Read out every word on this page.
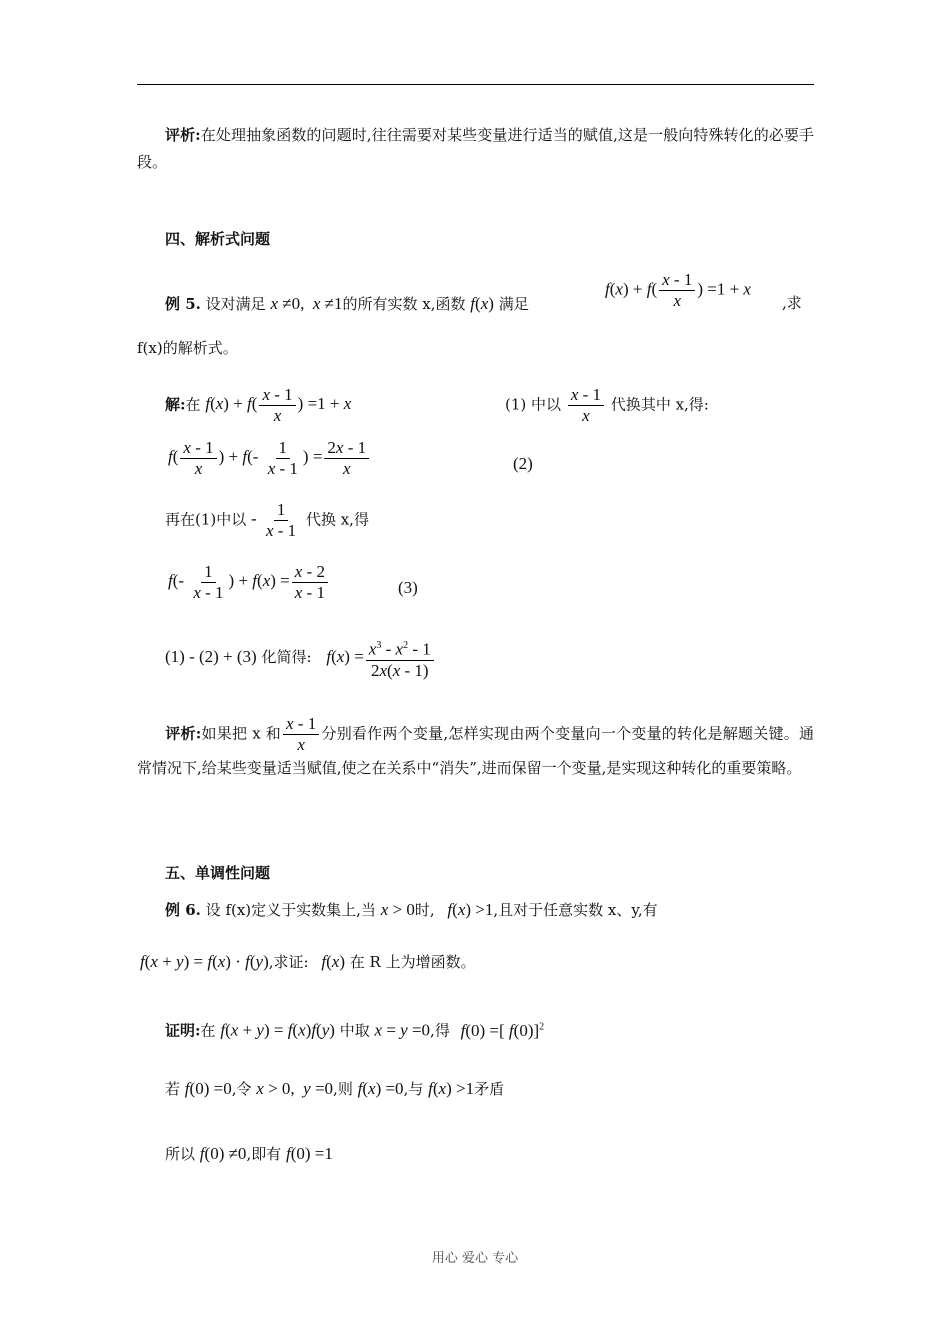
评析:在处理抽象函数的问题时,往往需要对某些变量进行适当的赋值,这是一般向特殊转化的必要手段。
四、解析式问题
例 5. 设对满足 x ≠0,  x ≠1的所有实数 x,函数 f(x) 满足
$f(x) + f( \frac{x - 1}{x}$ ) =1 + x
,求
f(x)的解析式。
解:在 $f(x) + f( \frac{x - 1}{x}$ ) =1 + x	(1) 中以 $\frac{x - 1}{x}$ 代换其中 x,得:
$f( \frac{x - 1}{x}$ ) + $f(- \frac{1}{x - 1}$ ) = $\frac{2x - 1}{x}$	(2)
再在(1)中以 - $\frac{1}{x - 1}$ 代换 x,得
$f(- \frac{1}{x - 1}$ ) + $f(x) = \frac{x - 2}{x - 1}$	(3)
(1) - (2) + (3) 化简得: $f(x) = \frac{x^3 - x^2 - 1}{2x(x - 1)}$
评析:如果把 x 和 $\frac{x - 1}{x}$ 分别看作两个变量,怎样实现由两个变量向一个变量的转化是解题关键。通常情况下,给某些变量适当赋值,使之在关系中“消失”,进而保留一个变量,是实现这种转化的重要策略。
五、单调性问题
例 6. 设 f(x)定义于实数集上,当 x > 0时, f(x) >1,且对于任意实数 x、y,有
f(x + y) = f(x) · f(y),求证: f(x) 在 R 上为增函数。
证明:在 f(x + y) = f(x)f(y) 中取 x = y =0,得 f(0) =[ f(0)]$^2$
若 f(0) =0,令 x > 0,  y =0,则 f(x) =0,与 f(x) >1矛盾
所以 f(0) ≠0,即有 f(0) =1
用心 爱心 专心
